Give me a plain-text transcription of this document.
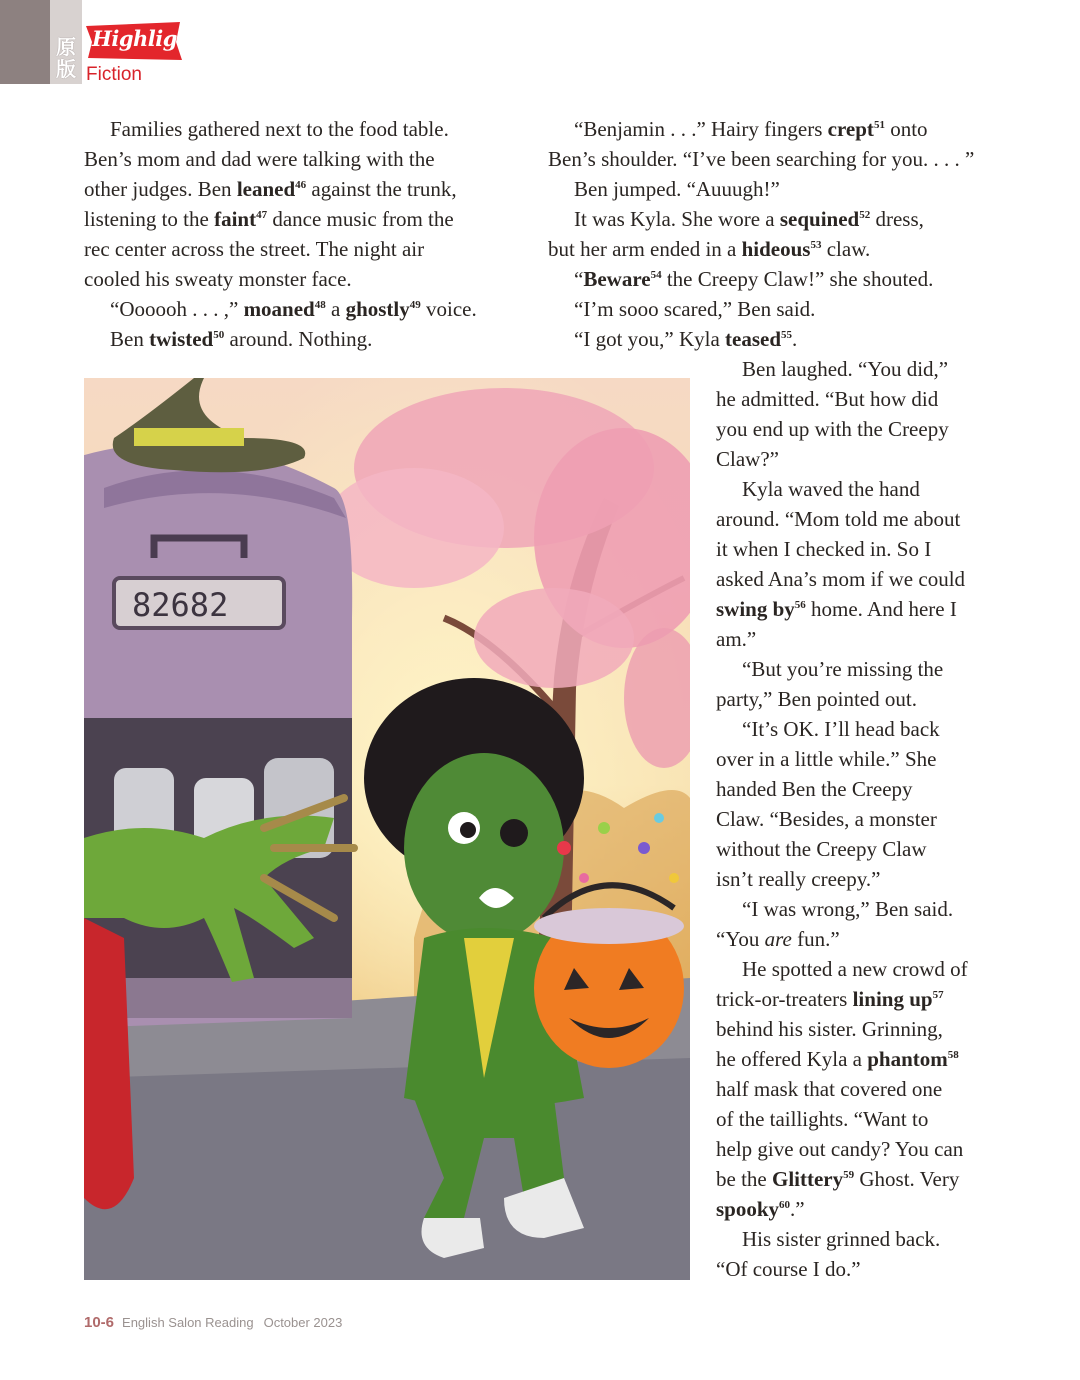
原
版
Highlights
Fiction

Families gathered next to the food table.

Ben’s mom and dad were talking with the

other judges. Ben leaned$^{46}$ against the trunk,

listening to the faint$^{47}$ dance music from the

rec center across the street. The night air

cooled his sweaty monster face.

“Oooooh . . . ,” moaned$^{48}$ a ghostly$^{49}$ voice.

Ben twisted$^{50}$ around. Nothing.

“Benjamin . . .” Hairy fingers crept$^{51}$ onto

Ben’s shoulder. “I’ve been searching for you. . . . ”

Ben jumped. “Auuugh!”

It was Kyla. She wore a sequined$^{52}$ dress,

but her arm ended in a hideous$^{53}$ claw.

“Beware$^{54}$ the Creepy Claw!” she shouted.

“I’m sooo scared,” Ben said.

“I got you,” Kyla teased$^{55}$.

Ben laughed. “You did,”

he admitted. “But how did

you end up with the Creepy

Claw?”

Kyla waved the hand

around. “Mom told me about

it when I checked in. So I

asked Ana’s mom if we could

swing $by^{56}$ home. And here I

am.”

“But you’re missing the

party,” Ben pointed out.

“It’s OK. I’ll head back

over in a little while.” She

handed Ben the Creepy

Claw. “Besides, a monster

without the Creepy Claw

isn’t really creepy.”

“I was wrong,” Ben said.

“You are fun.”

He spotted a new crowd of

trick-or-treaters lining $up^{57}$

behind his sister. Grinning,

he offered Kyla a phantom$^{58}$

half mask that covered one

of the taillights. “Want to

help give out candy? You can

be the Glittery$^{59}$ Ghost. Very

spooky$^{60}$.”

His sister grinned back.

“Of course I do.”

82682
10-6 English Salon Reading October 2023
